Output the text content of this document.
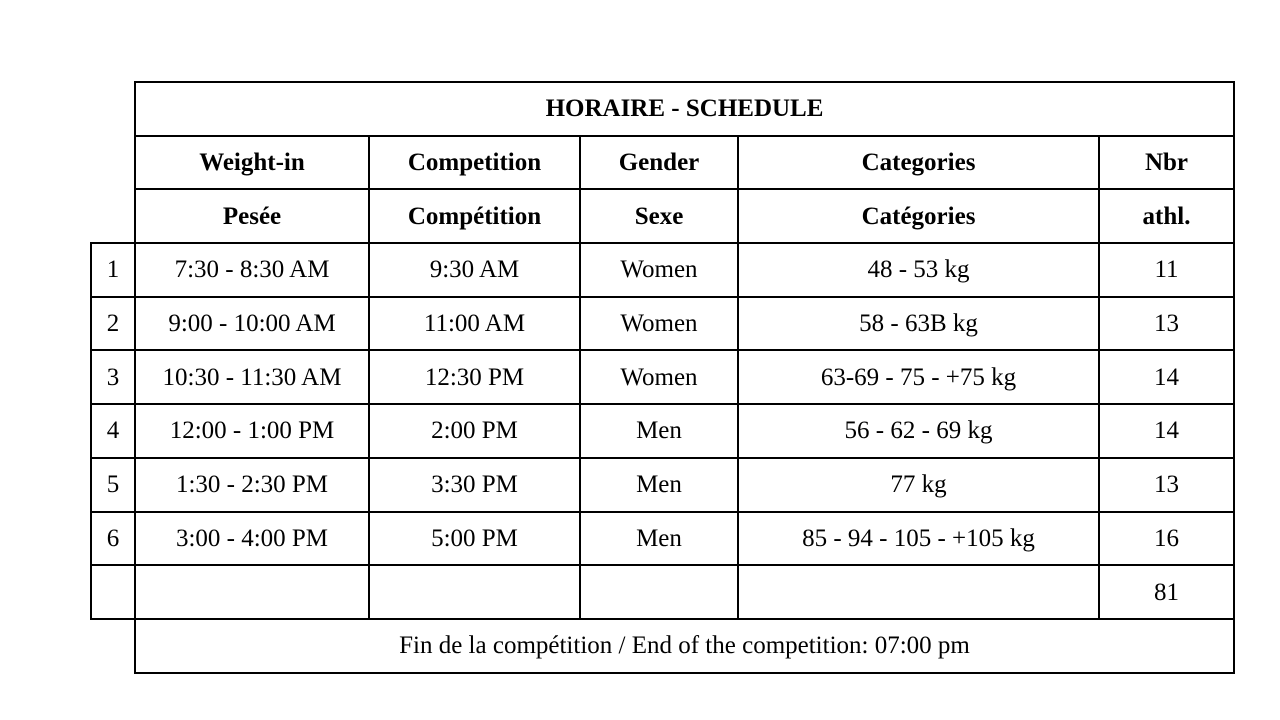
	HORAIRE - SCHEDULE				
	Weight-in	Competition	Gender	Categories	Nbr
	Pesée	Compétition	Sexe	Catégories	athl.
1	7:30 - 8:30 AM	9:30 AM	Women	48 - 53 kg	11
2	9:00 - 10:00 AM	11:00 AM	Women	58 - 63B kg	13
3	10:30 - 11:30 AM	12:30 PM	Women	63-69 - 75 - +75 kg	14
4	12:00 - 1:00 PM	2:00 PM	Men	56 - 62 - 69 kg	14
5	1:30 - 2:30 PM	3:30 PM	Men	77 kg	13
6	3:00 - 4:00 PM	5:00 PM	Men	85 - 94 - 105 - +105 kg	16
					81
	Fin de la compétition / End of the competition: 07:00 pm				
